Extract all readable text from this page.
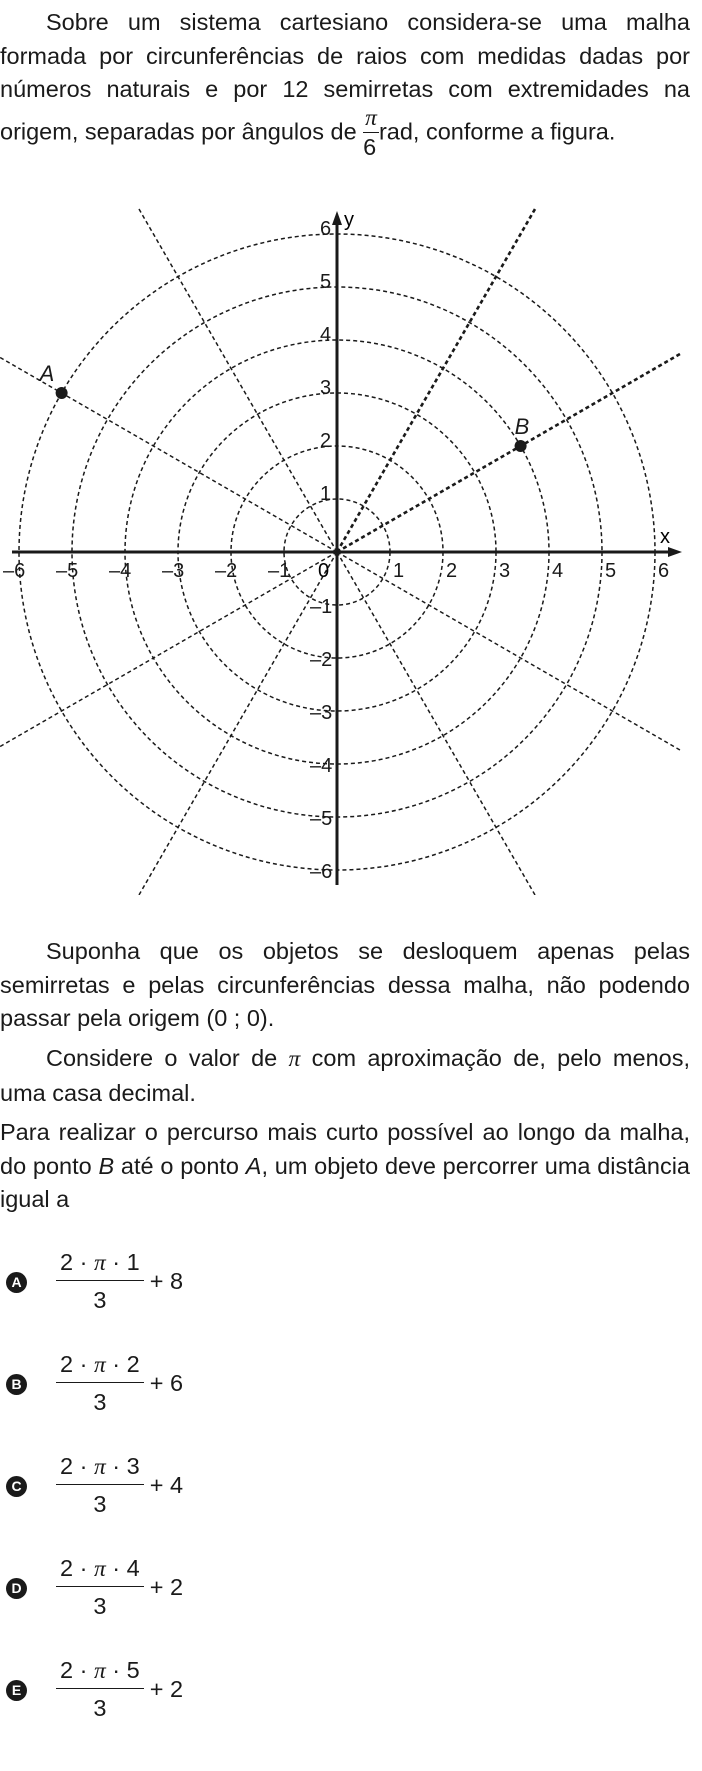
Sobre um sistema cartesiano considera-se uma malha formada por circunferências de raios com medidas dadas por números naturais e por 12 semirretas com extremidades na origem, separadas por ângulos de $\frac{\pi}{6}$ rad, conforme a figura.

x
y
0
–6 –5 –4 –3 –2 –1	1 2 3 4 5 6
1
2
3
4
5
6
–1
–2
–3
–4
–5
–6
A
B

Suponha que os objetos se desloquem apenas pelas semirretas e pelas circunferências dessa malha, não podendo passar pela origem (0 ; 0).

Considere o valor de π com aproximação de, pelo menos, uma casa decimal.

Para realizar o percurso mais curto possível ao longo da malha, do ponto B até o ponto A, um objeto deve percorrer uma distância igual a

A $\frac{2 \cdot \pi \cdot 1}{3} + 8$
B $\frac{2 \cdot \pi \cdot 2}{3} + 6$
C $\frac{2 \cdot \pi \cdot 3}{3} + 4$
D $\frac{2 \cdot \pi \cdot 4}{3} + 2$
E $\frac{2 \cdot \pi \cdot 5}{3} + 2$
